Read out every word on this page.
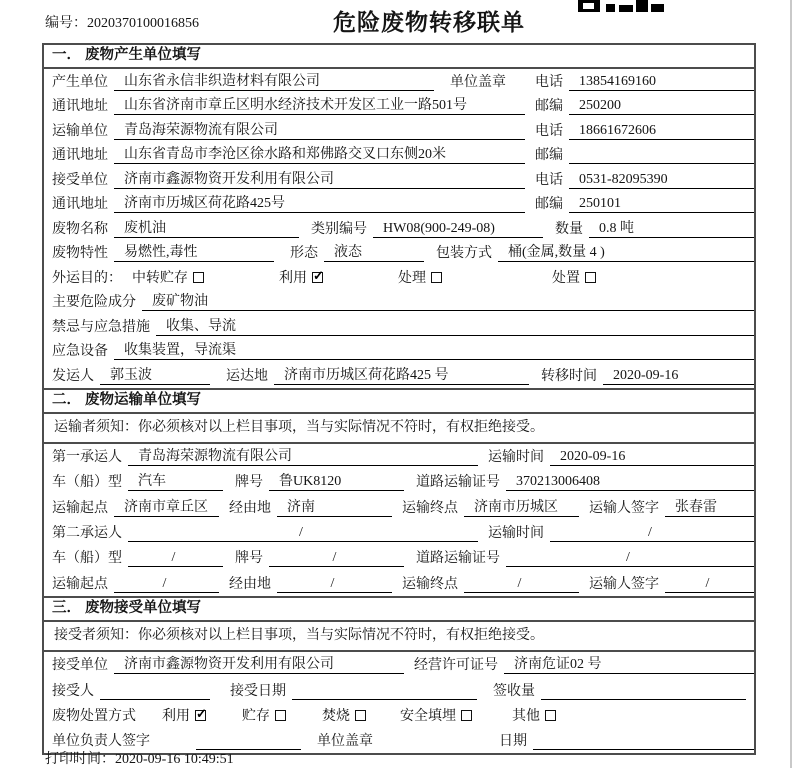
编号：2020370100016856	危险废物转移联单
一． 废物产生单位填写
产生单位	山东省永信非织造材料有限公司	单位盖章 电话	13854169160
通讯地址	山东省济南市章丘区明水经济技术开发区工业一路501号	邮编	250200
运输单位	青岛海荣源物流有限公司	电话	18661672606
通讯地址	山东省青岛市李沧区徐水路和郑佛路交叉口东侧20米	邮编
接受单位	济南市鑫源物资开发利用有限公司	电话	0531-82095390
通讯地址	济南市历城区荷花路425号	邮编	250101
废物名称	废机油	类别编号	HW08(900-249-08)	数量	0.8 吨
废物特性	易燃性,毒性	形态	液态	包装方式	桶(金属,数量 4 )
外运目的： 中转贮存	利用 ✓	处理	处置
主要危险成分	废矿物油
禁忌与应急措施	收集、导流
应急设备	收集装置，导流渠
发运人	郭玉波	运达地	济南市历城区荷花路425 号	转移时间	2020-09-16
二． 废物运输单位填写
运输者须知：你必须核对以上栏目事项，当与实际情况不符时，有权拒绝接受。
第一承运人	青岛海荣源物流有限公司	运输时间	2020-09-16
车（船）型	汽车	牌号	鲁UK8120	道路运输证号	370213006408
运输起点	济南市章丘区	经由地	济南	运输终点	济南市历城区	运输人签字	张春雷
第二承运人	/	运输时间	/
车（船）型	/	牌号	/	道路运输证号	/
运输起点	/	经由地	/	运输终点	/	运输人签字	/
三． 废物接受单位填写
接受者须知：你必须核对以上栏目事项，当与实际情况不符时，有权拒绝接受。
接受单位	济南市鑫源物资开发利用有限公司	经营许可证号	济南危证02 号
接受人	接受日期	签收量
废物处置方式 利用 ✓	贮存	焚烧	安全填埋	其他
单位负责人签字	单位盖章	日期
打印时间：2020-09-16 10:49:51
